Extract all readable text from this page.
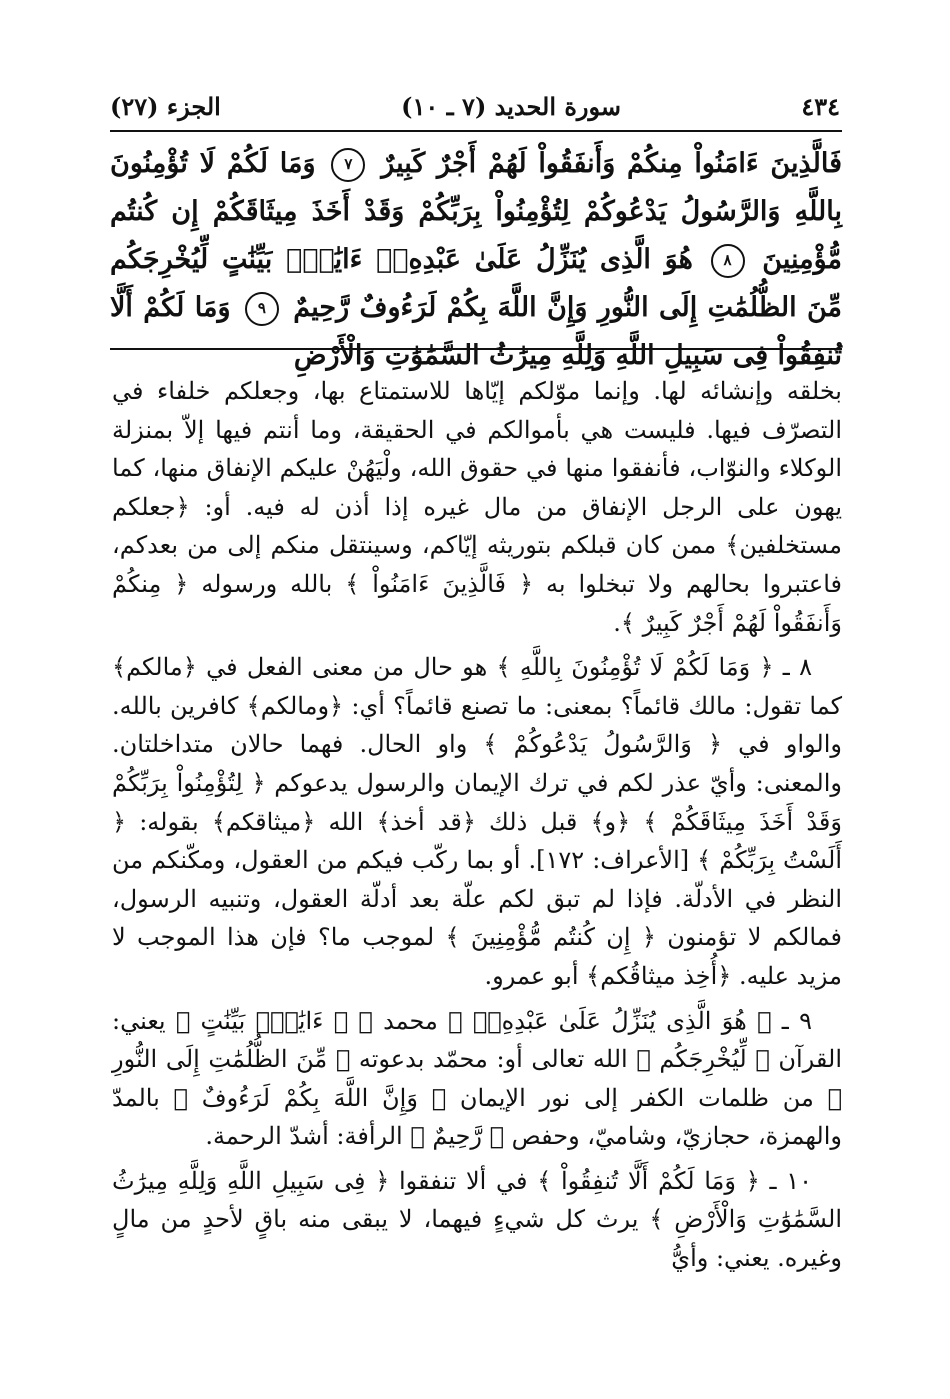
٤٣٤
سورة الحديد (٧ ـ ١٠)
الجزء (٢٧)

فَالَّذِينَ ءَامَنُواْ مِنكُمْ وَأَنفَقُواْ لَهُمْ أَجْرٌ كَبِيرٌ ٧ وَمَا لَكُمْ لَا تُؤْمِنُونَ بِاللَّهِ وَالرَّسُولُ يَدْعُوكُمْ لِتُؤْمِنُواْ بِرَبِّكُمْ وَقَدْ أَخَذَ مِيثَاقَكُمْ إِن كُنتُم مُّؤْمِنِينَ ٨ هُوَ الَّذِى يُنَزِّلُ عَلَىٰ عَبْدِهِۦٓ ءَايَٰتٍۭ بَيِّنَٰتٍ لِّيُخْرِجَكُم مِّنَ الظُّلُمَٰتِ إِلَى النُّورِ وَإِنَّ اللَّهَ بِكُمْ لَرَءُوفٌ رَّحِيمٌ ٩ وَمَا لَكُمْ أَلَّا تُنفِقُواْ فِى سَبِيلِ اللَّهِ وَلِلَّهِ مِيرَٰثُ السَّمَٰوَٰتِ وَالْأَرْضِ

بخلقه وإنشائه لها. وإنما موّلكم إيّاها للاستمتاع بها، وجعلكم خلفاء في التصرّف فيها. فليست هي بأموالكم في الحقيقة، وما أنتم فيها إلاّ بمنزلة الوكلاء والنوّاب، فأنفقوا منها في حقوق الله، ولْيَهُنْ عليكم الإنفاق منها، كما يهون على الرجل الإنفاق من مال غيره إذا أذن له فيه. أو: ﴿جعلكم مستخلفين﴾ ممن كان قبلكم بتوريثه إيّاكم، وسينتقل منكم إلى من بعدكم، فاعتبروا بحالهم ولا تبخلوا به ﴿ فَالَّذِينَ ءَامَنُواْ ﴾ بالله ورسوله ﴿ مِنكُمْ وَأَنفَقُواْ لَهُمْ أَجْرٌ كَبِيرٌ ﴾.

٨ ـ ﴿ وَمَا لَكُمْ لَا تُؤْمِنُونَ بِاللَّهِ ﴾ هو حال من معنى الفعل في ﴿مالكم﴾ كما تقول: مالك قائماً؟ بمعنى: ما تصنع قائماً؟ أي: ﴿ومالكم﴾ كافرين بالله. والواو في ﴿ وَالرَّسُولُ يَدْعُوكُمْ ﴾ واو الحال. فهما حالان متداخلتان. والمعنى: وأيّ عذر لكم في ترك الإيمان والرسول يدعوكم ﴿ لِتُؤْمِنُواْ بِرَبِّكُمْ وَقَدْ أَخَذَ مِيثَاقَكُمْ ﴾ ﴿و﴾ قبل ذلك ﴿قد أخذ﴾ الله ﴿ميثاقكم﴾ بقوله: ﴿ أَلَسْتُ بِرَبِّكُمْ ﴾ [الأعراف: ١٧٢]. أو بما ركّب فيكم من العقول، ومكّنكم من النظر في الأدلّة. فإذا لم تبق لكم علّة بعد أدلّة العقول، وتنبيه الرسول، فمالكم لا تؤمنون ﴿ إِن كُنتُم مُّؤْمِنِينَ ﴾ لموجب ما؟ فإن هذا الموجب لا مزيد عليه. ﴿أُخِذ ميثاقُكم﴾ أبو عمرو.

٩ ـ ﴿ هُوَ الَّذِى يُنَزِّلُ عَلَىٰ عَبْدِهِۦٓ ﴾ محمد ﷺ ﴿ ءَايَٰتٍۭ بَيِّنَٰتٍ ﴾ يعني: القرآن ﴿ لِّيُخْرِجَكُم ﴾ الله تعالى أو: محمّد بدعوته ﴿ مِّنَ الظُّلُمَٰتِ إِلَى النُّورِ ﴾ من ظلمات الكفر إلى نور الإيمان ﴿ وَإِنَّ اللَّهَ بِكُمْ لَرَءُوفٌ ﴾ بالمدّ والهمزة، حجازيّ، وشاميّ، وحفص ﴿ رَّحِيمٌ ﴾ الرأفة: أشدّ الرحمة.

١٠ ـ ﴿ وَمَا لَكُمْ أَلَّا تُنفِقُواْ ﴾ في ألا تنفقوا ﴿ فِى سَبِيلِ اللَّهِ وَلِلَّهِ مِيرَٰثُ السَّمَٰوَٰتِ وَالْأَرْضِ ﴾ يرث كل شيءٍ فيهما، لا يبقى منه باقٍ لأحدٍ من مالٍ وغيره. يعني: وأيُّ
